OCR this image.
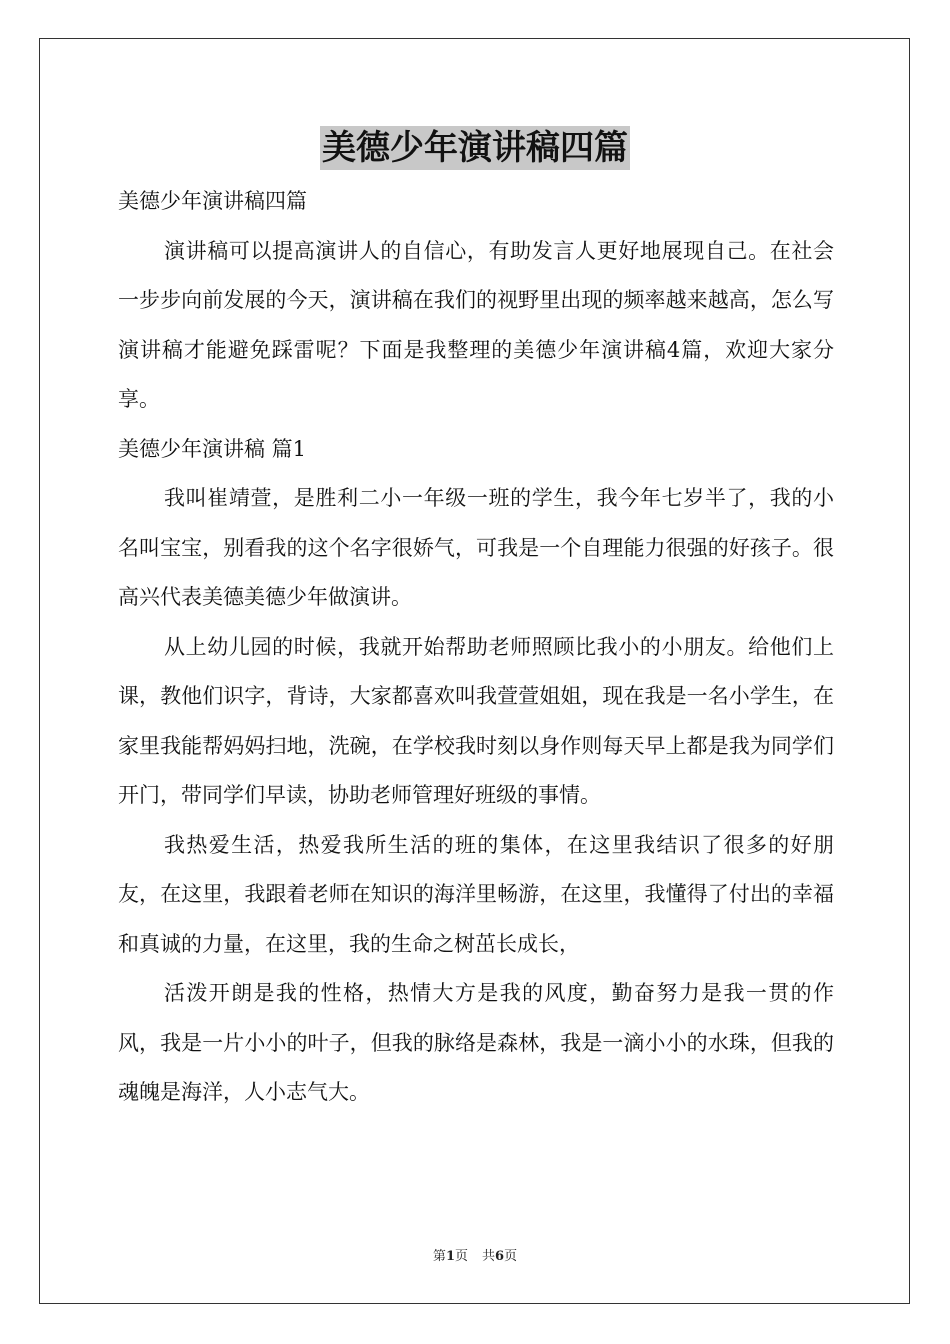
美德少年演讲稿四篇

美德少年演讲稿四篇

演讲稿可以提高演讲人的自信心，有助发言人更好地展现自己。在社会一步步向前发展的今天，演讲稿在我们的视野里出现的频率越来越高，怎么写演讲稿才能避免踩雷呢？下面是我整理的美德少年演讲稿4篇，欢迎大家分享。

美德少年演讲稿 篇1

我叫崔靖萱，是胜利二小一年级一班的学生，我今年七岁半了，我的小名叫宝宝，别看我的这个名字很娇气，可我是一个自理能力很强的好孩子。很高兴代表美德美德少年做演讲。

从上幼儿园的时候，我就开始帮助老师照顾比我小的小朋友。给他们上课，教他们识字，背诗，大家都喜欢叫我萱萱姐姐，现在我是一名小学生，在家里我能帮妈妈扫地，洗碗，在学校我时刻以身作则每天早上都是我为同学们开门，带同学们早读，协助老师管理好班级的事情。

我热爱生活，热爱我所生活的班的集体，在这里我结识了很多的好朋友，在这里，我跟着老师在知识的海洋里畅游，在这里，我懂得了付出的幸福和真诚的力量，在这里，我的生命之树茁长成长，

活泼开朗是我的性格，热情大方是我的风度，勤奋努力是我一贯的作风，我是一片小小的叶子，但我的脉络是森林，我是一滴小小的水珠，但我的魂魄是海洋，人小志气大。

第1页 共6页
